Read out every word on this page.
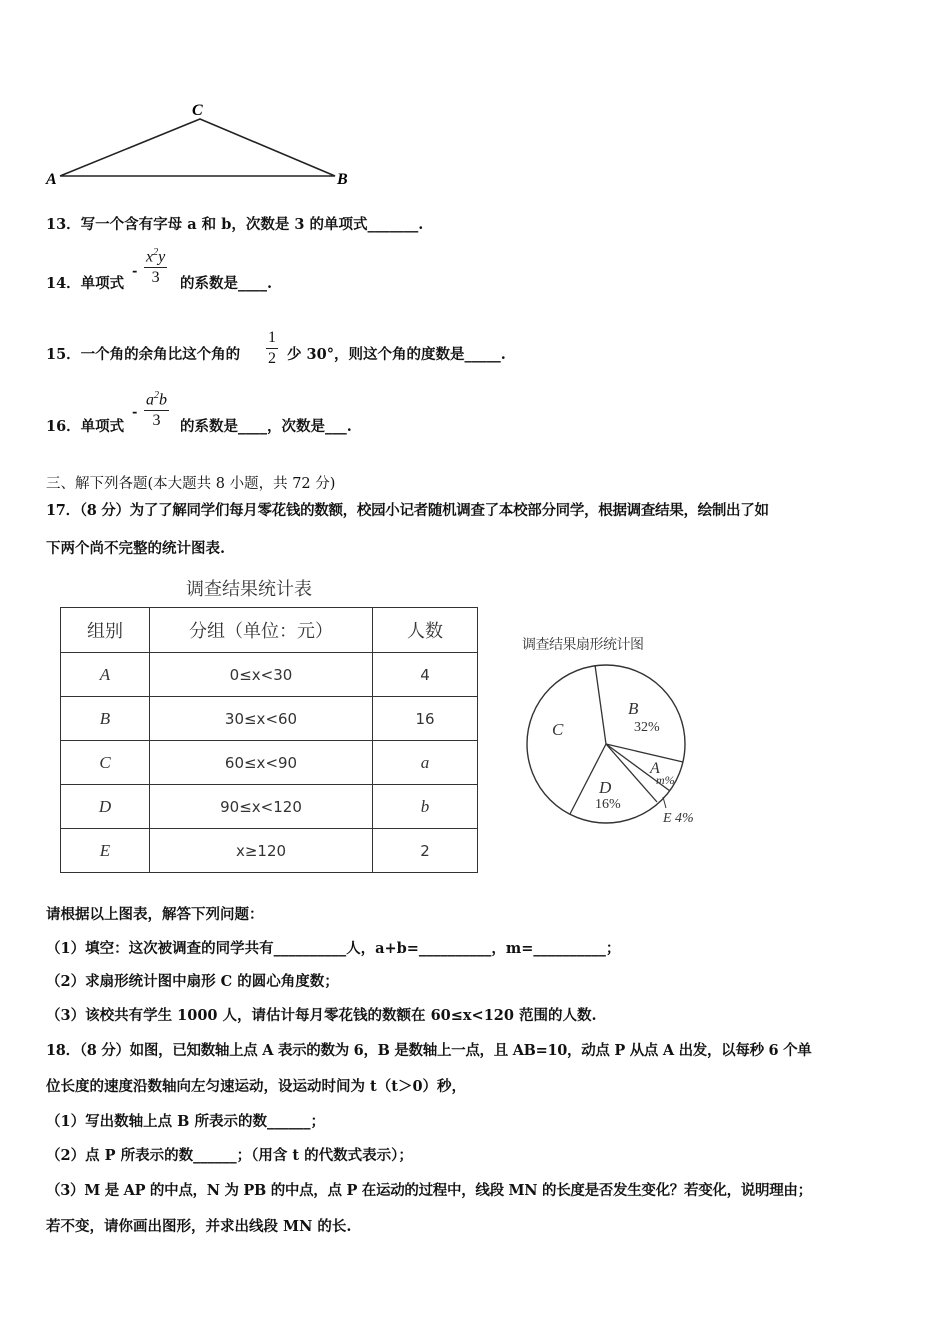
C
A	B
13．写一个含有字母 a 和 b，次数是 3 的单项式_______.
14．单项式
-
$x^2y$
3	的系数是____.
15．一个角的余角比这个角的
1
2 少 30°，则这个角的度数是_____.
16．单项式
-
$a^2b$
3	的系数是____，次数是___.
三、解下列各题(本大题共 8 小题，共 72 分)
17．（8 分）为了了解同学们每月零花钱的数额，校园小记者随机调查了本校部分同学，根据调查结果，绘制出了如
下两个尚不完整的统计图表.
调查结果统计表
组别	分组（单位：元）	人数
A	0≤x<30	4
B	30≤x<60	16
C	60≤x<90	a
D	90≤x<120	b
E	x≥120	2
调查结果扇形统计图
C
B
32%
A
m%
D
16%
E 4%
请根据以上图表，解答下列问题：
（1）填空：这次被调查的同学共有__________人，a+b=__________，m=__________；
（2）求扇形统计图中扇形 C 的圆心角度数；
（3）该校共有学生 1000 人，请估计每月零花钱的数额在 60≤x<120 范围的人数.
18．（8 分）如图，已知数轴上点 A 表示的数为 6，B 是数轴上一点，且 AB=10，动点 P 从点 A 出发，以每秒 6 个单
位长度的速度沿数轴向左匀速运动，设运动时间为 t（t＞0）秒，
（1）写出数轴上点 B 所表示的数______；
（2）点 P 所表示的数______；（用含 t 的代数式表示）；
（3）M 是 AP 的中点，N 为 PB 的中点，点 P 在运动的过程中，线段 MN 的长度是否发生变化？若变化，说明理由；
若不变，请你画出图形，并求出线段 MN 的长.
